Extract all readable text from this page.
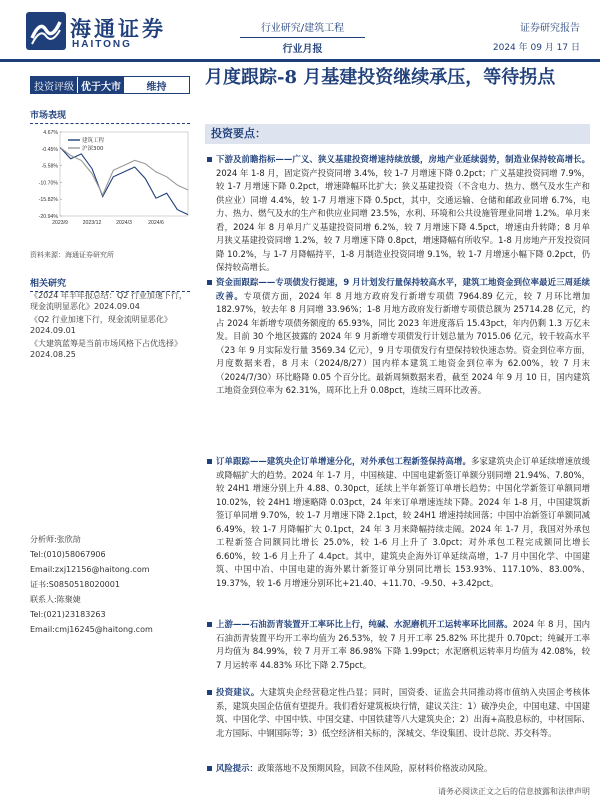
海通证券
HAITONG
行业研究/建筑工程
行业月报
证券研究报告
2024 年 09 月 17 日
投资评级 优于大市	维持
市场表现
4.67%
-0.45%
-5.58%
-10.70%
-15.82%
-20.94%
2023/9	2023/12	2024/3	2024/6
建筑工程
沪深300
资料来源：海通证券研究所
相关研究
《2024 年半年报总结：Q2 行业加速下行，现金流明显恶化》2024.09.04
《Q2 行业加速下行，现金流明显恶化》
2024.09.01
《大建筑蓝筹是当前市场风格下占优选择》
2024.08.25
分析师:张欣劼
Tel:(010)58067906
Email:zxj12156@haitong.com
证书:S0850518020001
联系人:陈聚婕
Tel:(021)23183263
Email:cmj16245@haitong.com
月度跟踪-8 月基建投资继续承压，等待拐点
投资要点：
下游及前瞻指标——广义、狭义基建投资增速持续放缓，房地产业延续弱势，制造业保持较高增长。2024 年 1-8 月，固定资产投资同增 3.4%，较 1-7 月增速下降 0.2pct；广义基建投资同增 7.9%，较 1-7 月增速下降 0.2pct，增速降幅环比扩大；狭义基建投资（不含电力、热力、燃气及水生产和供应业）同增 4.4%，较 1-7 月增速下降 0.5pct，其中，交通运输、仓储和邮政业同增 6.7%，电力、热力、燃气及水的生产和供应业同增 23.5%，水利、环境和公共设施管理业同增 1.2%。单月来看，2024 年 8 月单月广义基建投资同增 6.2%，较 7 月增速下降 4.5pct，增速由升转降；8 月单月狭义基建投资同增 1.2%，较 7 月增速下降 0.8pct，增速降幅有所收窄。1-8 月房地产开发投资同降 10.2%，与 1-7 月降幅持平，1-8 月制造业投资同增 9.1%，较 1-7 月增速小幅下降 0.2pct，仍保持较高增长。
资金面跟踪——专项债发行提速，9 月计划发行量保持较高水平，建筑工地资金到位率最近三周延续改善。专项债方面，2024 年 8 月地方政府发行新增专项债 7964.89 亿元，较 7 月环比增加 182.97%，较去年 8 月同增 33.96%；1-8 月地方政府发行新增专项债总额为 25714.28 亿元，约占 2024 年新增专项债务额度的 65.93%，同比 2023 年进度落后 15.43pct，年内仍剩 1.3 万亿未发。目前 30 个地区披露的 2024 年 9 月新增专项债发行计划总量为 7015.06 亿元，较千较高水平（23 年 9 月实际发行量 3569.34 亿元），9 月专项债发行有望保持较快速态势。资金到位率方面，月度数据来看，8 月末（2024/8/27）国内样本建筑工地资金到位率为 62.00%，较 7 月末（2024/7/30）环比略降 0.05 个百分比。最新周频数据来看，截至 2024 年 9 月 10 日，国内建筑工地资金到位率为 62.31%，周环比上升 0.08pct，连续三周环比改善。
订单跟踪——建筑央企订单增速分化，对外承包工程新签保持高增。多家建筑央企订单延续增速放缓或降幅扩大的趋势。2024 年 1-7 月，中国核建、中国电建新签订单额分别同增 21.94%、7.80%，较 24H1 增速分别上升 4.88、0.30pct，延续上半年新签订单增长趋势；中国化学新签订单额同增 10.02%，较 24H1 增速略降 0.03pct，24 年来订单增速连续下降。2024 年 1-8 月，中国建筑新签订单同增 9.70%，较 1-7 月增速下降 2.1pct，较 24H1 增速持续回落；中国中冶新签订单额同减 6.49%，较 1-7 月降幅扩大 0.1pct，24 年 3 月来降幅持续走阔。2024 年 1-7 月，我国对外承包工程新签合同额同比增长 25.0%，较 1-6 月上升了 3.0pct；对外承包工程完成额同比增长 6.60%，较 1-6 月上升了 4.4pct。其中，建筑央企海外订单延续高增，1-7 月中国化学、中国建筑、中国中冶、中国电建的海外累计新签订单分别同比增长 153.93%、117.10%、83.00%、19.37%，较 1-6 月增速分别环比+21.40、+11.70、-9.50、+3.42pct。
上游——石油沥青装置开工率环比上行，纯碱、水泥磨机开工运转率环比回落。2024 年 8 月，国内石油沥青装置平均开工率均值为 26.53%，较 7 月开工率 25.82% 环比提升 0.70pct；纯碱开工率月均值为 84.99%，较 7 月开工率 86.98% 下降 1.99pct；水泥磨机运转率月均值为 42.08%，较 7 月运转率 44.83% 环比下降 2.75pct。
投资建议。大建筑央企经营稳定性凸显；同时，国资委、证监会共同推动将市值纳入央国企考核体系，建筑央国企估值有望提升。我们看好建筑板块行情，建议关注：1）破净央企，中国电建、中国建筑、中国化学、中国中铁、中国交建、中国铁建等八大建筑央企；2）出海+高股息标的，中材国际、北方国际、中钢国际等；3）低空经济相关标的，深城交、华设集团、设计总院、苏交科等。
风险提示：政策落地不及预期风险，回款不佳风险，原材料价格波动风险。
请务必阅读正文之后的信息披露和法律声明
